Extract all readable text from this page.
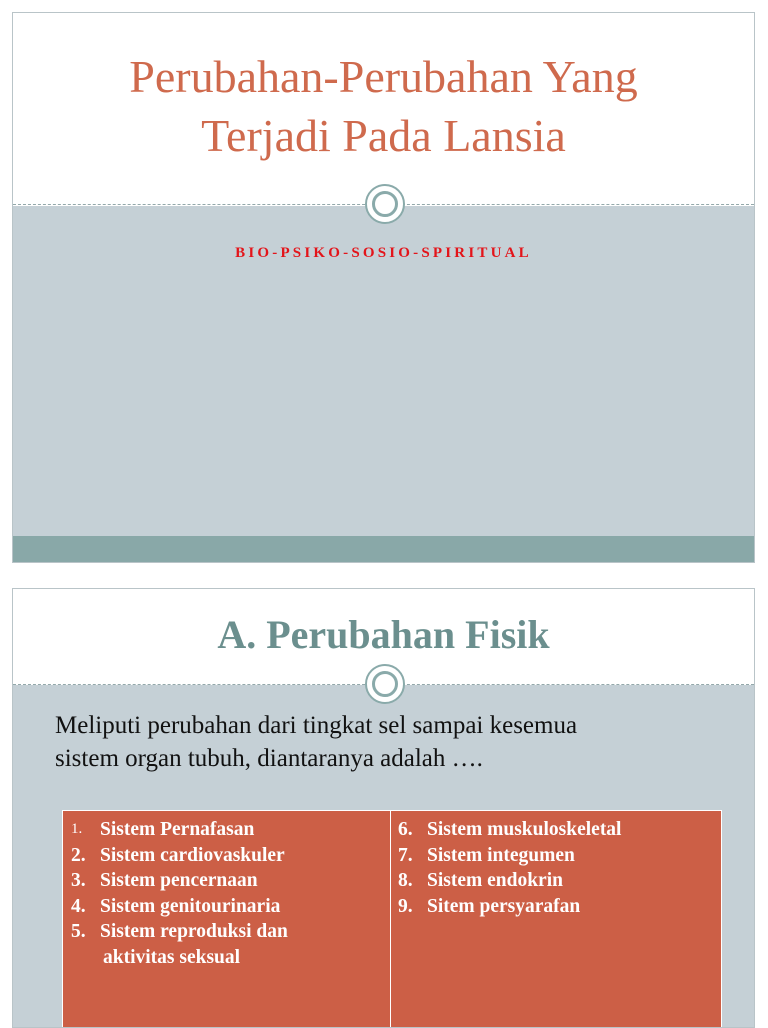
Perubahan-Perubahan Yang
Terjadi Pada Lansia
BIO-PSIKO-SOSIO-SPIRITUAL
A. Perubahan Fisik

Meliputi perubahan dari tingkat sel sampai kesemua
sistem organ tubuh, diantaranya adalah ….

1. Sistem Pernafasan
2. Sistem cardiovaskuler
3. Sistem pencernaan
4. Sistem genitourinaria
5. Sistem reproduksi dan
aktivitas seksual
6. Sistem muskuloskeletal
7. Sistem integumen
8. Sistem endokrin
9. Sitem persyarafan
